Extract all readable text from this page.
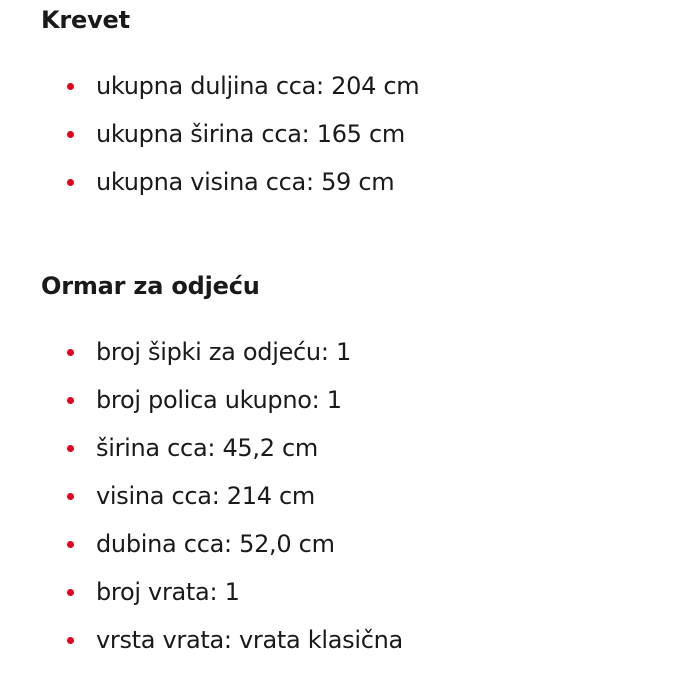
Krevet
ukupna duljina cca: 204 cm
ukupna širina cca: 165 cm
ukupna visina cca: 59 cm
Ormar za odjeću
broj šipki za odjeću: 1
broj polica ukupno: 1
širina cca: 45,2 cm
visina cca: 214 cm
dubina cca: 52,0 cm
broj vrata: 1
vrsta vrata: vrata klasična
